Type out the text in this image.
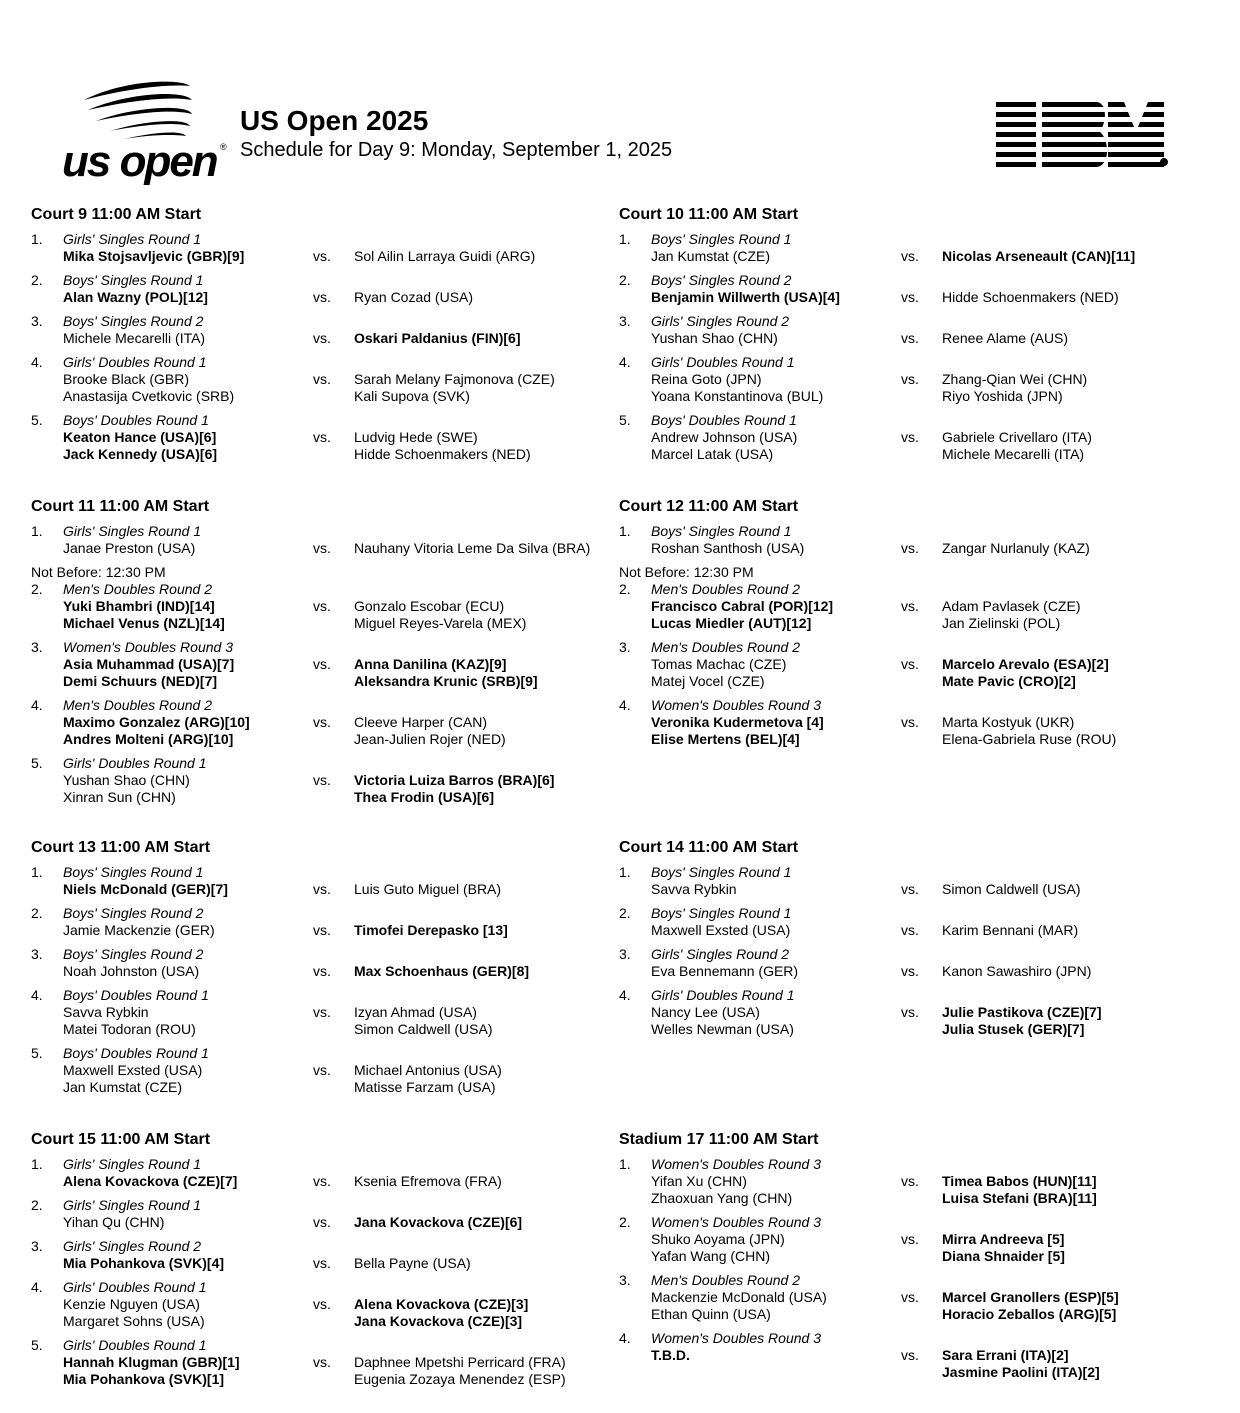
us open ®
US Open 2025
Schedule for Day 9: Monday, September 1, 2025
Court 9 11:00 AM Start
1. Girls' Singles Round 1
Mika Stojsavljevic (GBR)[9]	vs. Sol Ailin Larraya Guidi (ARG)
2. Boys' Singles Round 1
Alan Wazny (POL)[12]	vs. Ryan Cozad (USA)
3. Boys' Singles Round 2
Michele Mecarelli (ITA)	vs. Oskari Paldanius (FIN)[6]
4. Girls' Doubles Round 1
Brooke Black (GBR)
Anastasija Cvetkovic (SRB)
vs. Sarah Melany Fajmonova (CZE)
Kali Supova (SVK)
5. Boys' Doubles Round 1
Keaton Hance (USA)[6]
Jack Kennedy (USA)[6]
vs. Ludvig Hede (SWE)
Hidde Schoenmakers (NED)
Court 10 11:00 AM Start
1. Boys' Singles Round 1
Jan Kumstat (CZE)	vs. Nicolas Arseneault (CAN)[11]
2. Boys' Singles Round 2
Benjamin Willwerth (USA)[4]	vs. Hidde Schoenmakers (NED)
3. Girls' Singles Round 2
Yushan Shao (CHN)	vs. Renee Alame (AUS)
4. Girls' Doubles Round 1
Reina Goto (JPN)
Yoana Konstantinova (BUL)
vs. Zhang-Qian Wei (CHN)
Riyo Yoshida (JPN)
5. Boys' Doubles Round 1
Andrew Johnson (USA)
Marcel Latak (USA)
vs. Gabriele Crivellaro (ITA)
Michele Mecarelli (ITA)
Court 11 11:00 AM Start
1. Girls' Singles Round 1
Janae Preston (USA)	vs. Nauhany Vitoria Leme Da Silva (BRA)
Not Before: 12:30 PM
2. Men's Doubles Round 2
Yuki Bhambri (IND)[14]
Michael Venus (NZL)[14]
vs. Gonzalo Escobar (ECU)
Miguel Reyes-Varela (MEX)
3. Women's Doubles Round 3
Asia Muhammad (USA)[7]
Demi Schuurs (NED)[7]
vs. Anna Danilina (KAZ)[9]
Aleksandra Krunic (SRB)[9]
4. Men's Doubles Round 2
Maximo Gonzalez (ARG)[10]
Andres Molteni (ARG)[10]
vs. Cleeve Harper (CAN)
Jean-Julien Rojer (NED)
5. Girls' Doubles Round 1
Yushan Shao (CHN)
Xinran Sun (CHN)
vs. Victoria Luiza Barros (BRA)[6]
Thea Frodin (USA)[6]
Court 12 11:00 AM Start
1. Boys' Singles Round 1
Roshan Santhosh (USA)	vs. Zangar Nurlanuly (KAZ)
Not Before: 12:30 PM
2. Men's Doubles Round 2
Francisco Cabral (POR)[12]
Lucas Miedler (AUT)[12]
vs. Adam Pavlasek (CZE)
Jan Zielinski (POL)
3. Men's Doubles Round 2
Tomas Machac (CZE)
Matej Vocel (CZE)
vs. Marcelo Arevalo (ESA)[2]
Mate Pavic (CRO)[2]
4. Women's Doubles Round 3
Veronika Kudermetova [4]
Elise Mertens (BEL)[4]
vs. Marta Kostyuk (UKR)
Elena-Gabriela Ruse (ROU)
Court 13 11:00 AM Start
1. Boys' Singles Round 1
Niels McDonald (GER)[7]	vs. Luis Guto Miguel (BRA)
2. Boys' Singles Round 2
Jamie Mackenzie (GER)	vs. Timofei Derepasko [13]
3. Boys' Singles Round 2
Noah Johnston (USA)	vs. Max Schoenhaus (GER)[8]
4. Boys' Doubles Round 1
Savva Rybkin
Matei Todoran (ROU)
vs. Izyan Ahmad (USA)
Simon Caldwell (USA)
5. Boys' Doubles Round 1
Maxwell Exsted (USA)
Jan Kumstat (CZE)
vs. Michael Antonius (USA)
Matisse Farzam (USA)
Court 14 11:00 AM Start
1. Boys' Singles Round 1
Savva Rybkin	vs. Simon Caldwell (USA)
2. Boys' Singles Round 1
Maxwell Exsted (USA)	vs. Karim Bennani (MAR)
3. Girls' Singles Round 2
Eva Bennemann (GER)	vs. Kanon Sawashiro (JPN)
4. Girls' Doubles Round 1
Nancy Lee (USA)
Welles Newman (USA)
vs. Julie Pastikova (CZE)[7]
Julia Stusek (GER)[7]
Court 15 11:00 AM Start
1. Girls' Singles Round 1
Alena Kovackova (CZE)[7]	vs. Ksenia Efremova (FRA)
2. Girls' Singles Round 1
Yihan Qu (CHN)	vs. Jana Kovackova (CZE)[6]
3. Girls' Singles Round 2
Mia Pohankova (SVK)[4]	vs. Bella Payne (USA)
4. Girls' Doubles Round 1
Kenzie Nguyen (USA)
Margaret Sohns (USA)
vs. Alena Kovackova (CZE)[3]
Jana Kovackova (CZE)[3]
5. Girls' Doubles Round 1
Hannah Klugman (GBR)[1]
Mia Pohankova (SVK)[1]
vs. Daphnee Mpetshi Perricard (FRA)
Eugenia Zozaya Menendez (ESP)
Stadium 17 11:00 AM Start
1. Women's Doubles Round 3
Yifan Xu (CHN)
Zhaoxuan Yang (CHN)
vs. Timea Babos (HUN)[11]
Luisa Stefani (BRA)[11]
2. Women's Doubles Round 3
Shuko Aoyama (JPN)
Yafan Wang (CHN)
vs. Mirra Andreeva [5]
Diana Shnaider [5]
3. Men's Doubles Round 2
Mackenzie McDonald (USA)
Ethan Quinn (USA)
vs. Marcel Granollers (ESP)[5]
Horacio Zeballos (ARG)[5]
4. Women's Doubles Round 3
T.B.D.	vs. Sara Errani (ITA)[2]
Jasmine Paolini (ITA)[2]
